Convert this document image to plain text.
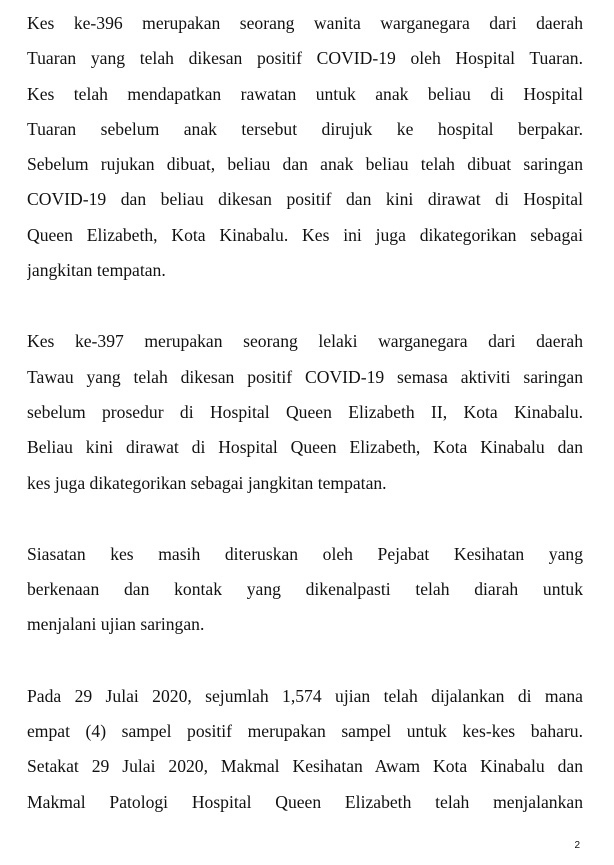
Kes ke-396 merupakan seorang wanita warganegara dari daerah
Tuaran yang telah dikesan positif COVID-19 oleh Hospital Tuaran.
Kes telah mendapatkan rawatan untuk anak beliau di Hospital
Tuaran sebelum anak tersebut dirujuk ke hospital berpakar.
Sebelum rujukan dibuat, beliau dan anak beliau telah dibuat saringan
COVID-19 dan beliau dikesan positif dan kini dirawat di Hospital
Queen Elizabeth, Kota Kinabalu. Kes ini juga dikategorikan sebagai
jangkitan tempatan.

Kes ke-397 merupakan seorang lelaki warganegara dari daerah
Tawau yang telah dikesan positif COVID-19 semasa aktiviti saringan
sebelum prosedur di Hospital Queen Elizabeth II, Kota Kinabalu.
Beliau kini dirawat di Hospital Queen Elizabeth, Kota Kinabalu dan
kes juga dikategorikan sebagai jangkitan tempatan.

Siasatan kes masih diteruskan oleh Pejabat Kesihatan yang
berkenaan dan kontak yang dikenalpasti telah diarah untuk
menjalani ujian saringan.

Pada 29 Julai 2020, sejumlah 1,574 ujian telah dijalankan di mana
empat (4) sampel positif merupakan sampel untuk kes-kes baharu.
Setakat 29 Julai 2020, Makmal Kesihatan Awam Kota Kinabalu dan
Makmal Patologi Hospital Queen Elizabeth telah menjalankan

2
